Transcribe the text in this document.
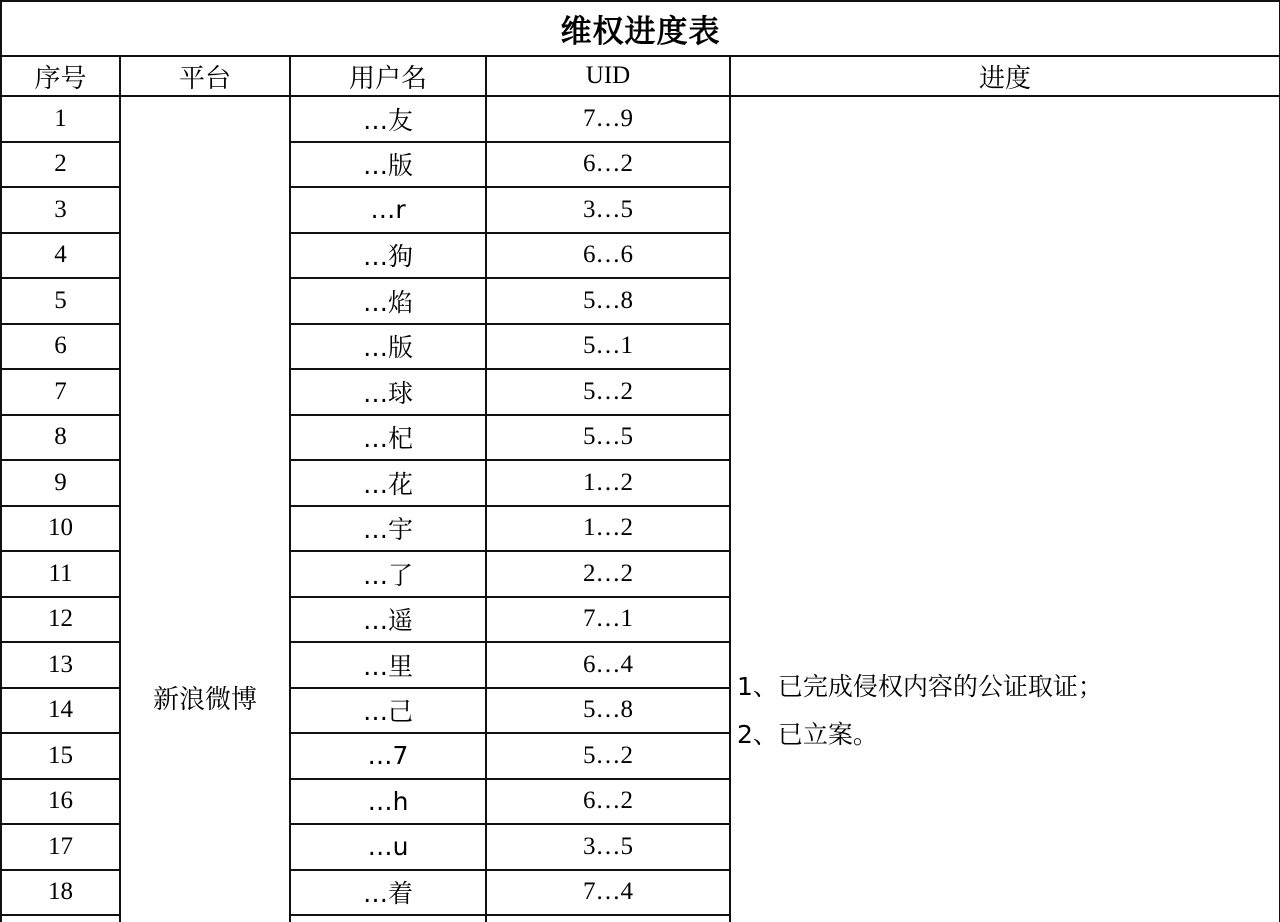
维权进度表				
序号	平台	用户名	UID	进度
1	新浪微博	…友	7…9	1、已完成侵权内容的公证取证；
2、已立案。

2		…版	6…2	
3		…r	3…5	
4		…狗	6…6	
5		…焰	5…8	
6		…版	5…1	
7		…球	5…2	
8		…杞	5…5	
9		…花	1…2	
10		…宇	1…2	
11		…了	2…2	
12		…遥	7…1	
13		…里	6…4	
14		…己	5…8	
15		…7	5…2	
16		…h	6…2	
17		…u	3…5	
18		…着	7…4	
